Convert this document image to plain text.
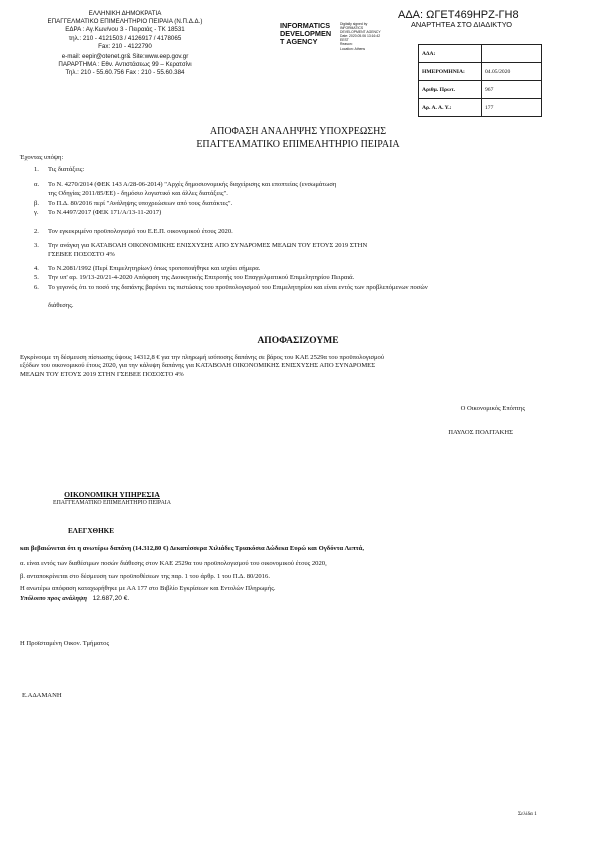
ΕΛΛΗΝΙΚΗ ΔΗΜΟΚΡΑΤΙΑ
ΕΠΑΓΓΕΛΜΑΤΙΚΟ ΕΠΙΜΕΛΗΤΗΡΙΟ ΠΕΙΡΑΙΑ (Ν.Π.Δ.Δ.)
ΕΔΡΑ : Αγ.Κων/νου 3 - Πειραιάς - ΤΚ 18531
τηλ.: 210 - 4121503 / 4126917 / 4178065
Fax: 210 - 4122790
e-mail: eepir@otenet.gr& Site:www.eep.gov.gr
ΠΑΡΑΡΤΗΜΑ : Εθν. Αντιστάσεως 99 – Κερατσίνι
Τηλ.: 210 - 55.60.756 Fax : 210 - 55.60.384
ΑΔΑ: ΩΓΕΤ469ΗΡΖ-ΓΗ8
ΑΝΑΡΤΗΤΕΑ ΣΤΟ ΔΙΑΔΙΚΤΥΟ
INFORMATICS
DEVELOPMEN
T AGENCY
Digitally signed by
INFORMATICS
DEVELOPMENT AGENCY
Date: 2020.05.06 13:16:42
EEST
Reason:
Location: Athens
ΑΔΑ:	
ΗΜΕΡΟΜΗΝΙΑ:	04.05/2020
Αριθμ. Πρωτ.	967
Αρ. Α. Α. Υ.:	177
ΑΠΟΦΑΣΗ ΑΝΑΛΗΨΗΣ ΥΠΟΧΡΕΩΣΗΣ
ΕΠΑΓΓΕΛΜΑΤΙΚΟ ΕΠΙΜΕΛΗΤΗΡΙΟ ΠΕΙΡΑΙΑ
Έχοντας υπόψη:
1. Τις διατάξεις:
α. Το Ν. 4270/2014 (ΦΕΚ 143 Α/28-06-2014) "Αρχές δημοσιονομικής διαχείρισης και εποπτείας (ενσωμάτωση
της Οδηγίας 2011/85/ΕΕ) - δημόσιο λογιστικό και άλλες διατάξεις".
β. Το Π.Δ. 80/2016 περί "Ανάληψης υποχρεώσεων από τους διατάκτες".
γ. Το Ν.4497/2017 (ΦΕΚ 171/Α/13-11-2017)
2. Τον εγκεκριμένο προϋπολογισμό του Ε.Ε.Π. οικονομικού έτους 2020.
3. Την ανάγκη για ΚΑΤΑΒΟΛΗ ΟΙΚΟΝΟΜΙΚΗΣ ΕΝΙΣΧΥΣΗΣ ΑΠΟ ΣΥΝΔΡΟΜΕΣ ΜΕΛΩΝ ΤΟΥ ΕΤΟΥΣ 2019 ΣΤΗΝ
ΓΣΕΒΕΕ ΠΟΣΟΣΤΟ 4%
4. Το Ν.2081/1992 (Περί Επιμελητηρίων) όπως τροποποιήθηκε και ισχύει σήμερα.
5. Την υπ' αρ. 19/13-20/21-4-2020 Απόφαση της Διοικητικής Επιτροπής του Επαγγελματικού Επιμελητηρίου Πειραιά.
6. Το γεγονός ότι το ποσό της δαπάνης βαρύνει τις πιστώσεις του προϋπολογισμού του Επιμελητηρίου και είναι εντός των προβλεπόμενων ποσών
διάθεσης.
ΑΠΟΦΑΣΙΖΟΥΜΕ
Εγκρίνουμε τη δέσμευση πίστωσης ύψους 14312,8 € για την πληρωμή ισόποσης δαπάνης σε βάρος του ΚΑΕ 2529α του προϋπολογισμού
εξόδων του οικονομικού έτους 2020, για την κάλυψη δαπάνης για ΚΑΤΑΒΟΛΗ ΟΙΚΟΝΟΜΙΚΗΣ ΕΝΙΣΧΥΣΗΣ ΑΠΟ ΣΥΝΔΡΟΜΕΣ
ΜΕΛΩΝ ΤΟΥ ΕΤΟΥΣ 2019 ΣΤΗΝ ΓΣΕΒΕΕ ΠΟΣΟΣΤΟ 4%
Ο Οικονομικός Επόπτης
ΠΑΥΛΟΣ ΠΟΛΙΤΑΚΗΣ
ΟΙΚΟΝΟΜΙΚΗ ΥΠΗΡΕΣΙΑ
ΕΠΑΓΓΕΛΜΑΤΙΚΟ ΕΠΙΜΕΛΗΤΗΡΙΟ ΠΕΙΡΑΙΑ
ΕΛΕΓΧΘΗΚΕ
και βεβαιώνεται ότι η ανωτέρω δαπάνη (14.312,80 €) Δεκατέσσερα Χιλιάδες Τριακόσια Δώδεκα Ευρώ και Ογδόντα Λεπτά,
α. είναι εντός των διαθέσιμων ποσών διάθεσης στον ΚΑΕ 2529α του προϋπολογισμού του οικονομικού έτους 2020,
β. ανταποκρίνεται στο δέσμευση των προϋποθέσεων της παρ. 1 του άρθρ. 1 του Π.Δ. 80/2016.
Η ανωτέρω απόφαση καταχωρήθηκε με ΑΑ 177 στο Βιβλίο Εγκρίσεων και Εντολών Πληρωμής.
Υπόλοιπο προς ανάληψη 12.687,20 €.
Η Προϊσταμένη Οικον. Τμήματος
Ε.ΑΔΑΜΑΝΗ
Σελίδα 1
